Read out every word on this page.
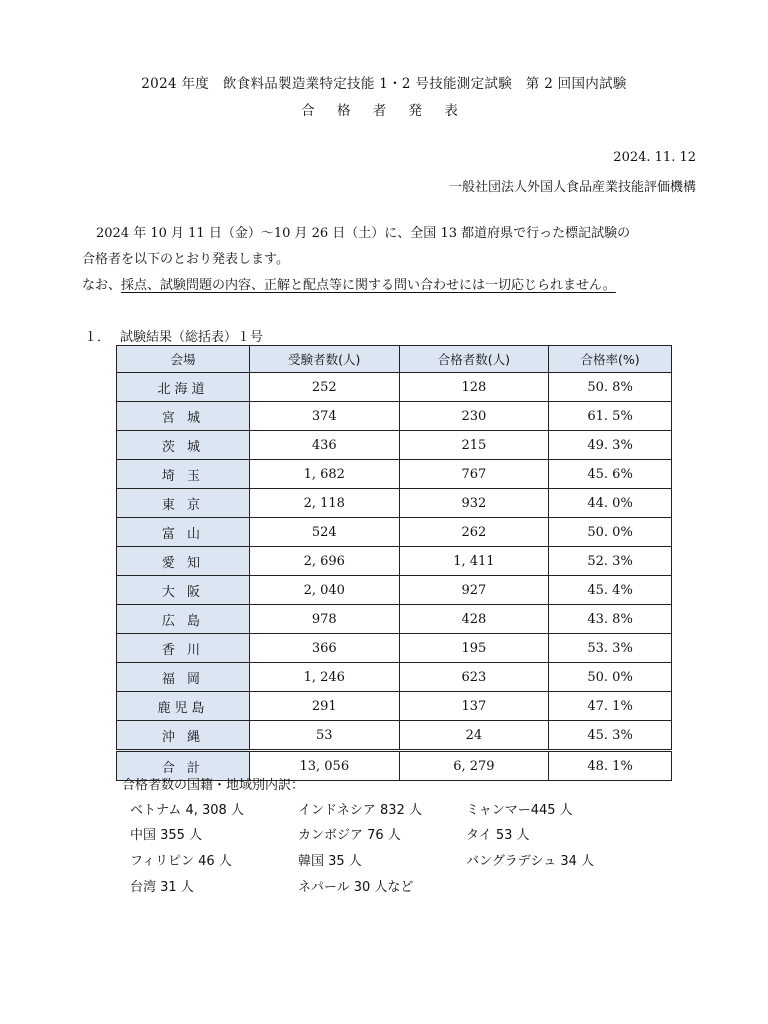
2024 年度　飲食料品製造業特定技能 1・2 号技能測定試験　第 2 回国内試験
合 格 者 発 表
2024. 11. 12
一般社団法人外国人食品産業技能評価機構
2024 年 10 月 11 日（金）～10 月 26 日（土）に、全国 13 都道府県で行った標記試験の
合格者を以下のとおり発表します。
なお、採点、試験問題の内容、正解と配点等に関する問い合わせには一切応じられません。
１． 試験結果（総括表）１号
会場	受験者数(人)	合格者数(人)	合格率(%)
北海道	252	128	50. 8%
宮 城	374	230	61. 5%
茨 城	436	215	49. 3%
埼 玉	1, 682	767	45. 6%
東 京	2, 118	932	44. 0%
富 山	524	262	50. 0%
愛 知	2, 696	1, 411	52. 3%
大 阪	2, 040	927	45. 4%
広 島	978	428	43. 8%
香 川	366	195	53. 3%
福 岡	1, 246	623	50. 0%
鹿児島	291	137	47. 1%
沖 縄	53	24	45. 3%
合 計	13, 056	6, 279	48. 1%
合格者数の国籍・地域別内訳：
ベトナム 4, 308 人	インドネシア 832 人	ミャンマー445 人
中国 355 人	カンボジア 76 人	タイ 53 人
フィリピン 46 人	韓国 35 人	バングラデシュ 34 人
台湾 31 人	ネパール 30 人など
